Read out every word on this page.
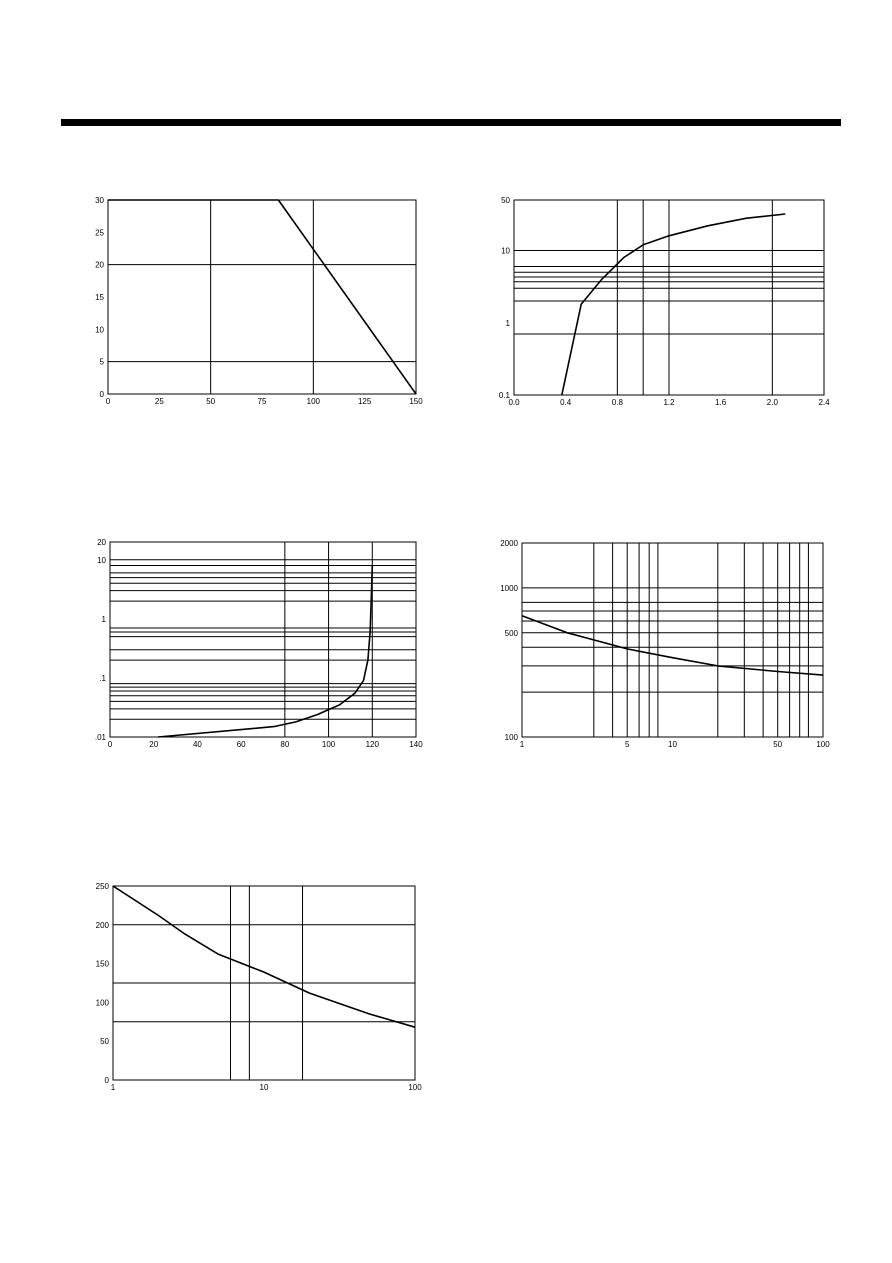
0	25	50	75	100	125	150
0
5
10
15
20
25
30
0.0	0.4	0.8	1.2	1.6	2.0	2.4
0.1
1
10
50
0	20	40	60	80	100	120	140
.01
.1
1
10
20
1	5	10	50	100
100
500
1000
2000
1	10	100
0
50
100
150
200
250
